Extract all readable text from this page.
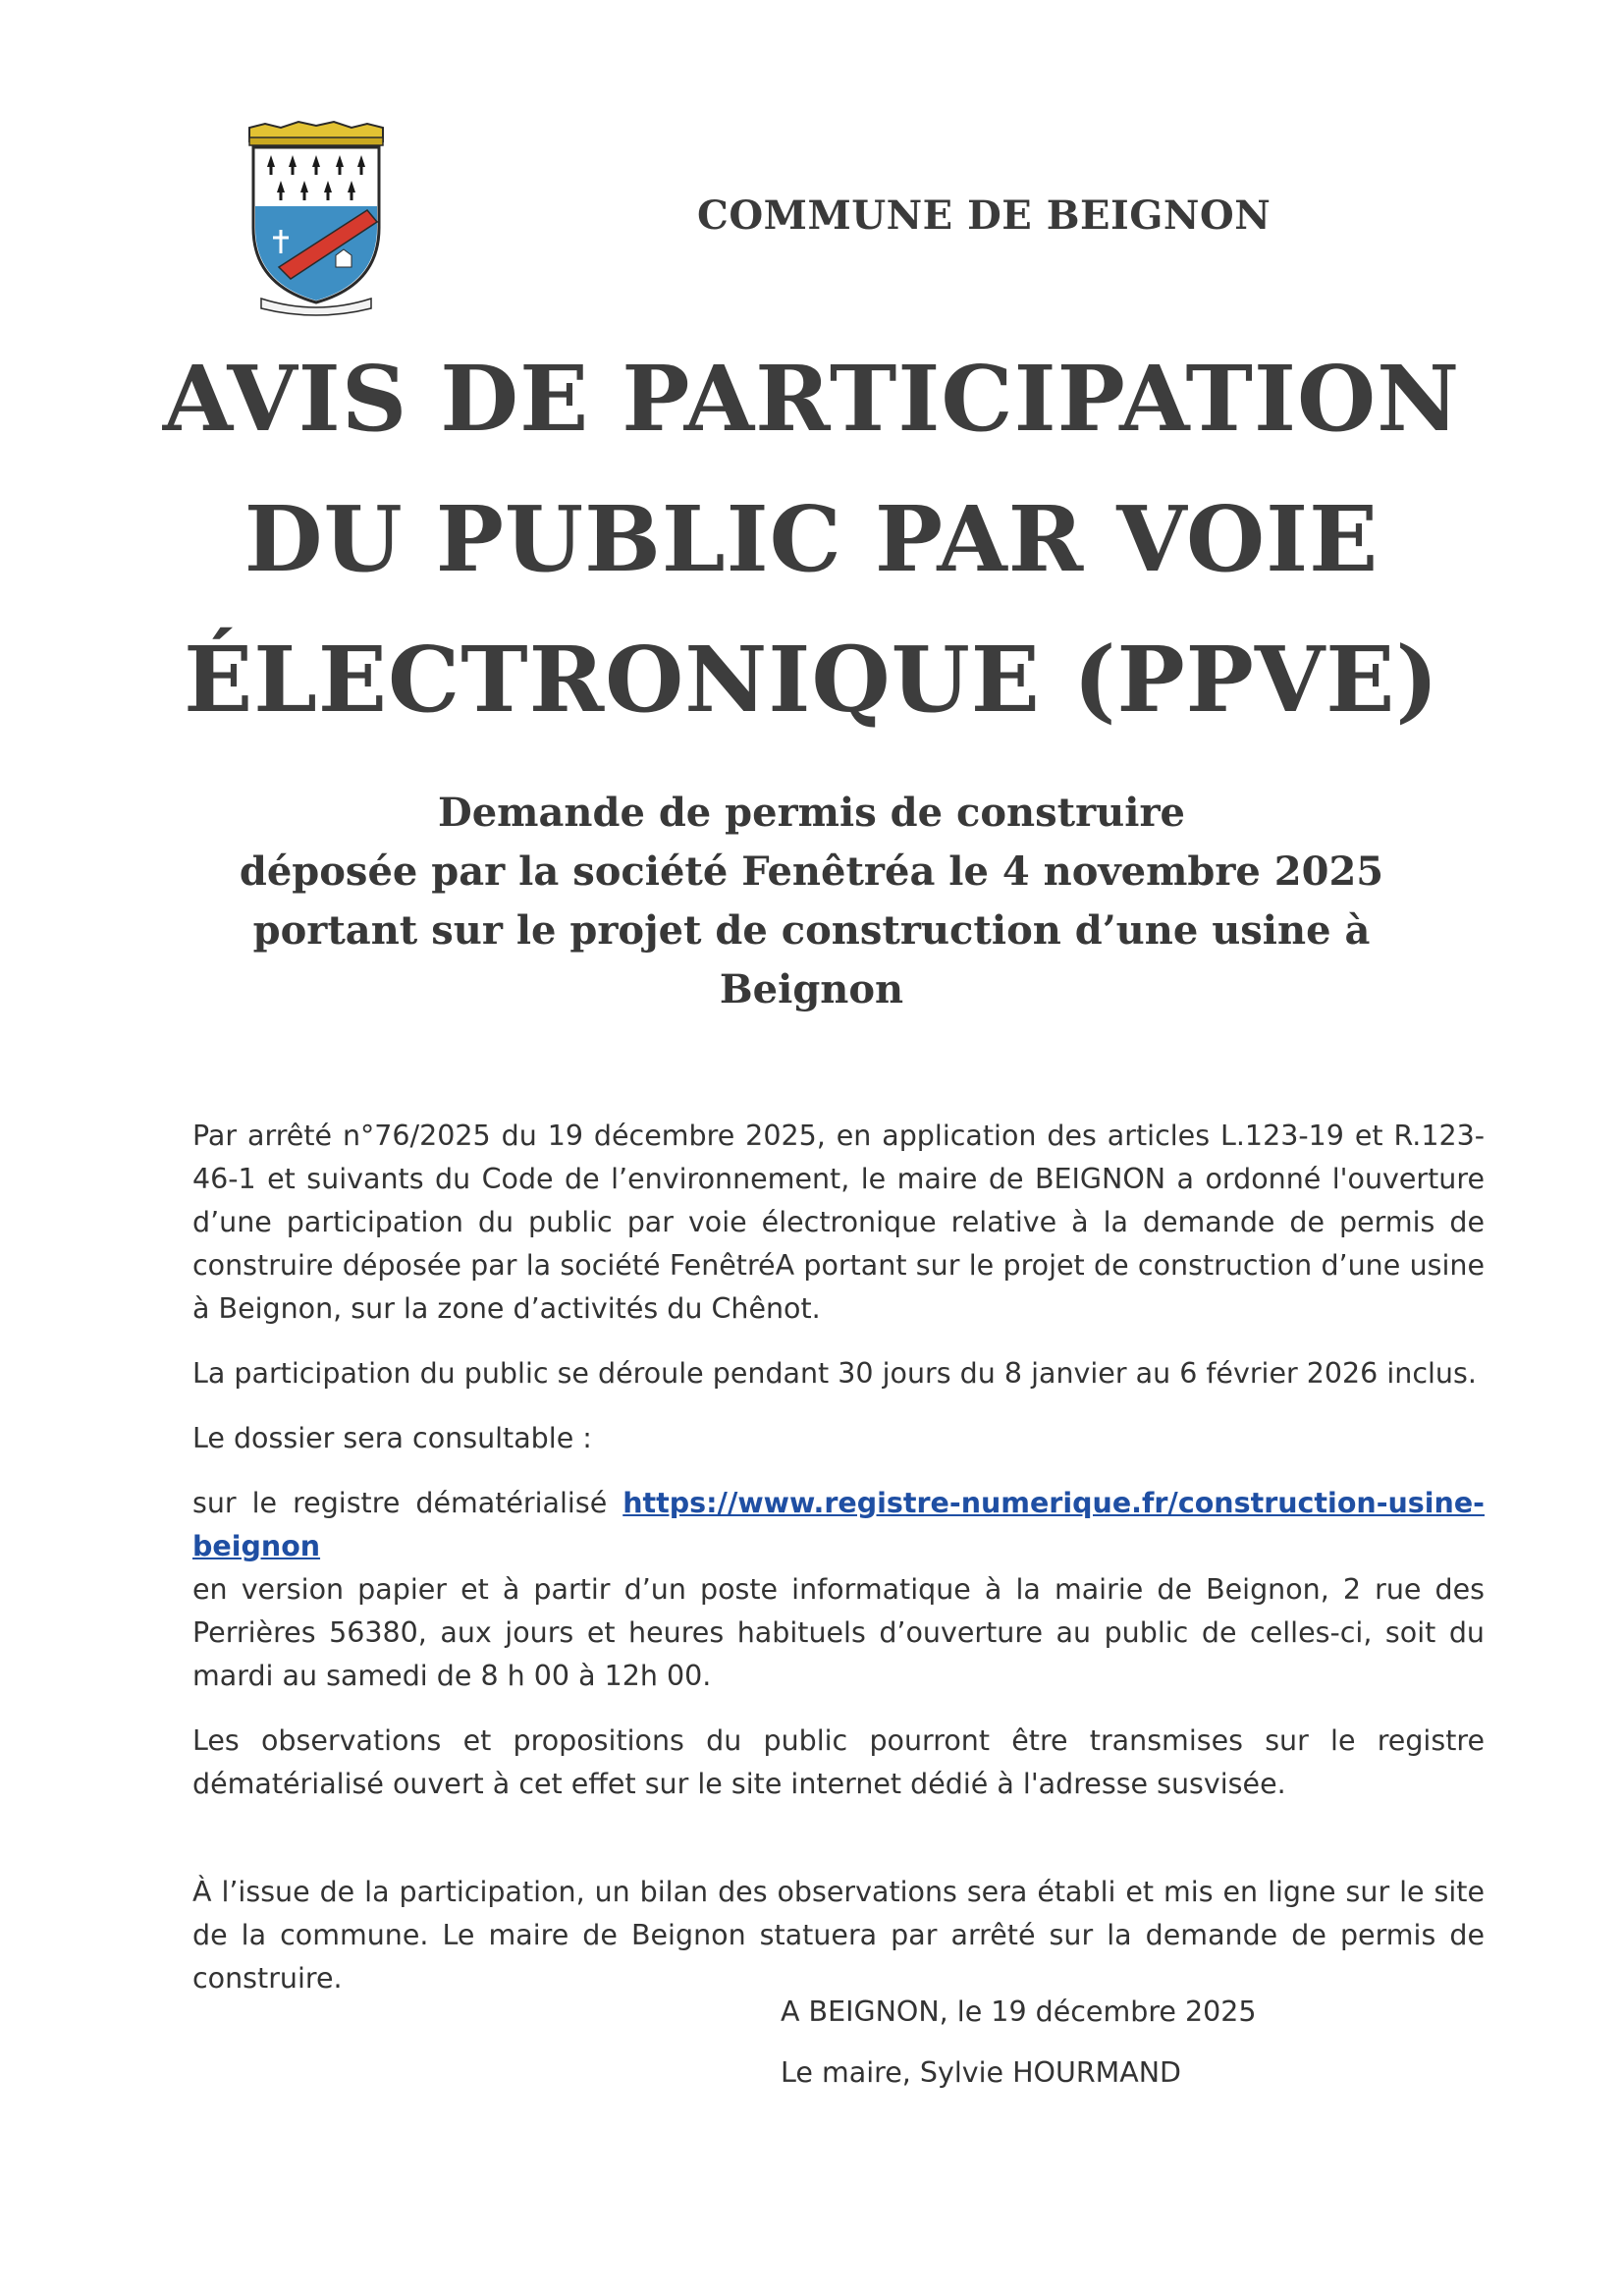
COMMUNE DE BEIGNON
AVIS DE PARTICIPATION
DU PUBLIC PAR VOIE
ÉLECTRONIQUE (PPVE)
Demande de permis de construire
déposée par la société Fenêtréa le 4 novembre 2025
portant sur le projet de construction d’une usine à
Beignon

Par arrêté n°76/2025 du 19 décembre 2025, en application des articles L.123-19 et R.123-46-1 et suivants du Code de l’environnement, le maire de BEIGNON a ordonné l'ouverture d’une participation du public par voie électronique relative à la demande de permis de construire déposée par la société FenêtréA portant sur le projet de construction d’une usine à Beignon, sur la zone d’activités du Chênot.

La participation du public se déroule pendant 30 jours du 8 janvier au 6 février 2026 inclus.

Le dossier sera consultable :

sur le registre dématérialisé https://www.registre-numerique.fr/construction-usine-beignon
en version papier et à partir d’un poste informatique à la mairie de Beignon, 2 rue des Perrières 56380, aux jours et heures habituels d’ouverture au public de celles-ci, soit du mardi au samedi de 8 h 00 à 12h 00.

Les observations et propositions du public pourront être transmises sur le registre dématérialisé ouvert à cet effet sur le site internet dédié à l'adresse susvisée.

À l’issue de la participation, un bilan des observations sera établi et mis en ligne sur le site de la commune. Le maire de Beignon statuera par arrêté sur la demande de permis de construire.

A BEIGNON, le 19 décembre 2025
Le maire, Sylvie HOURMAND
